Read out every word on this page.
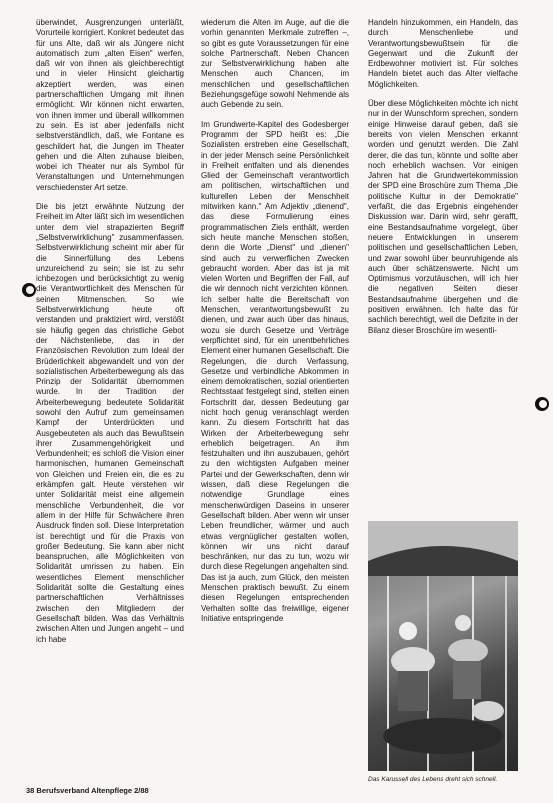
überwindet, Ausgrenzungen unterläßt, Vorurteile korrigiert. Konkret bedeutet das für uns Alte, daß wir als Jüngere nicht automatisch zum „alten Eisen" werfen, daß wir von ihnen als gleichberechtigt und in vieler Hinsicht gleichartig akzeptiert werden, was einen partnerschaftlichen Umgang mit ihnen ermöglicht. Wir können nicht erwarten, von ihnen immer und überall willkommen zu sein. Es ist aber jedenfalls nicht selbstverständlich, daß, wie Fontane es geschildert hat, die Jungen im Theater gehen und die Alten zuhause bleiben, wobei ich Theater nur als Symbol für Veranstaltungen und Unternehmungen verschiedenster Art setze.

Die bis jetzt erwähnte Nutzung der Freiheit im Alter läßt sich im wesentlichen unter dem viel strapazierten Begriff „Selbstverwirklichung" zusammenfassen. Selbstverwirklichung scheint mir aber für die Sinnerfüllung des Lebens unzureichend zu sein; sie ist zu sehr ichbezogen und berücksichtigt zu wenig die Verantwortlichkeit des Menschen für seinen Mitmenschen. So wie Selbstverwirklichung heute oft verstanden und praktiziert wird, verstößt sie häufig gegen das christliche Gebot der Nächstenliebe, das in der Französischen Revolution zum Ideal der Brüderlichkeit abgewandelt und von der sozialistischen Arbeiterbewegung als das Prinzip der Solidarität übernommen wurde. In der Tradition der Arbeiterbewegung bedeutete Solidarität sowohl den Aufruf zum gemeinsamen Kampf der Unterdrückten und Ausgebeuteten als auch das Bewußtsein ihrer Zusammengehörigkeit und Verbundenheit; es schloß die Vision einer harmonischen, humanen Gemeinschaft von Gleichen und Freien ein, die es zu erkämpfen galt. Heute verstehen wir unter Solidarität meist eine allgemein menschliche Verbundenheit, die vor allem in der Hilfe für Schwächere ihren Ausdruck finden soll. Diese Interpretation ist berechtigt und für die Praxis von großer Bedeutung. Sie kann aber nicht beanspruchen, alle Möglichkeiten von Solidarität umrissen zu haben. Ein wesentliches Element menschlicher Solidarität sollte die Gestaltung eines partnerschaftlichen Verhältnisses zwischen den Mitgliedern der Gesellschaft bilden. Was das Verhältnis zwischen Alten und Jungen angeht – und ich habe

wiederum die Alten im Auge, auf die die vorhin genannten Merkmale zutreffen –, so gibt es gute Voraussetzungen für eine solche Partnerschaft. Neben Chancen zur Selbstverwirklichung haben alte Menschen auch Chancen, im menschlichen und gesellschaftlichen Beziehungsgefüge sowohl Nehmende als auch Gebende zu sein.

Im Grundwerte-Kapitel des Godesberger Programm der SPD heißt es: „Die Sozialisten erstreben eine Gesellschaft, in der jeder Mensch seine Persönlichkeit in Freiheit entfalten und als dienendes Glied der Gemeinschaft verantwortlich am politischen, wirtschaftlichen und kulturellen Leben der Menschheit mitwirken kann." Am Adjektiv „dienend", das diese Formulierung eines programmatischen Ziels enthält, werden sich heute manche Menschen stoßen, denn die Worte „Dienst" und „dienen" sind auch zu verwerflichen Zwecken gebraucht worden. Aber das ist ja mit vielen Worten und Begriffen der Fall, auf die wir dennoch nicht verzichten können. Ich selber halte die Bereitschaft von Menschen, verantwortungsbewußt zu dienen, und zwar auch über das hinaus, wozu sie durch Gesetze und Verträge verpflichtet sind, für ein unentbehrliches Element einer humanen Gesellschaft. Die Regelungen, die durch Verfassung, Gesetze und verbindliche Abkommen in einem demokratischen, sozial orientierten Rechtsstaat festgelegt sind, stellen einen Fortschritt dar, dessen Bedeutung gar nicht hoch genug veranschlagt werden kann. Zu diesem Fortschritt hat das Wirken der Arbeiterbewegung sehr erheblich beigetragen. An ihm festzuhalten und ihn auszubauen, gehört zu den wichtigsten Aufgaben meiner Partei und der Gewerkschaften, denn wir wissen, daß diese Regelungen die notwendige Grundlage eines menschenwürdigen Daseins in unserer Gesellschaft bilden. Aber wenn wir unser Leben freundlicher, wärmer und auch etwas vergnüglicher gestalten wollen, können wir uns nicht darauf beschränken, nur das zu tun, wozu wir durch diese Regelungen angehalten sind. Das ist ja auch, zum Glück, den meisten Menschen praktisch bewußt. Zu einem diesen Regelungen entsprechenden Verhalten sollte das freiwillige, eigener Initiative entspringende

Handeln hinzukommen, ein Handeln, das durch Menschenliebe und Verantwortungsbewußtsein für die Gegenwart und die Zukunft der Erdbewohner motiviert ist. Für solches Handeln bietet auch das Alter vielfache Möglichkeiten.

Über diese Möglichkeiten möchte ich nicht nur in der Wunschform sprechen, sondern einige Hinweise darauf geben, daß sie bereits von vielen Menschen erkannt worden und genutzt werden. Die Zahl derer, die das tun, könnte und sollte aber noch erheblich wachsen. Vor einigen Jahren hat die Grundwertekommission der SPD eine Broschüre zum Thema „Die politische Kultur in der Demokratie" verfaßt, die das Ergebnis eingehender Diskussion war. Darin wird, sehr gerafft, eine Bestandsaufnahme vorgelegt, über neuere Entwicklungen in unserem politischen und gesellschaftlichen Leben, und zwar sowohl über beunruhigende als auch über schätzenswerte. Nicht um Optimismus vorzutäuschen, will ich hier die negativen Seiten dieser Bestandsaufnahme übergehen und die positiven erwähnen. Ich halte das für sachlich berechtigt, weil die Defizite in der Bilanz dieser Broschüre im wesentli-

Das Karussell des Lebens dreht sich schnell.
38 Berufsverband Altenpflege 2/88
